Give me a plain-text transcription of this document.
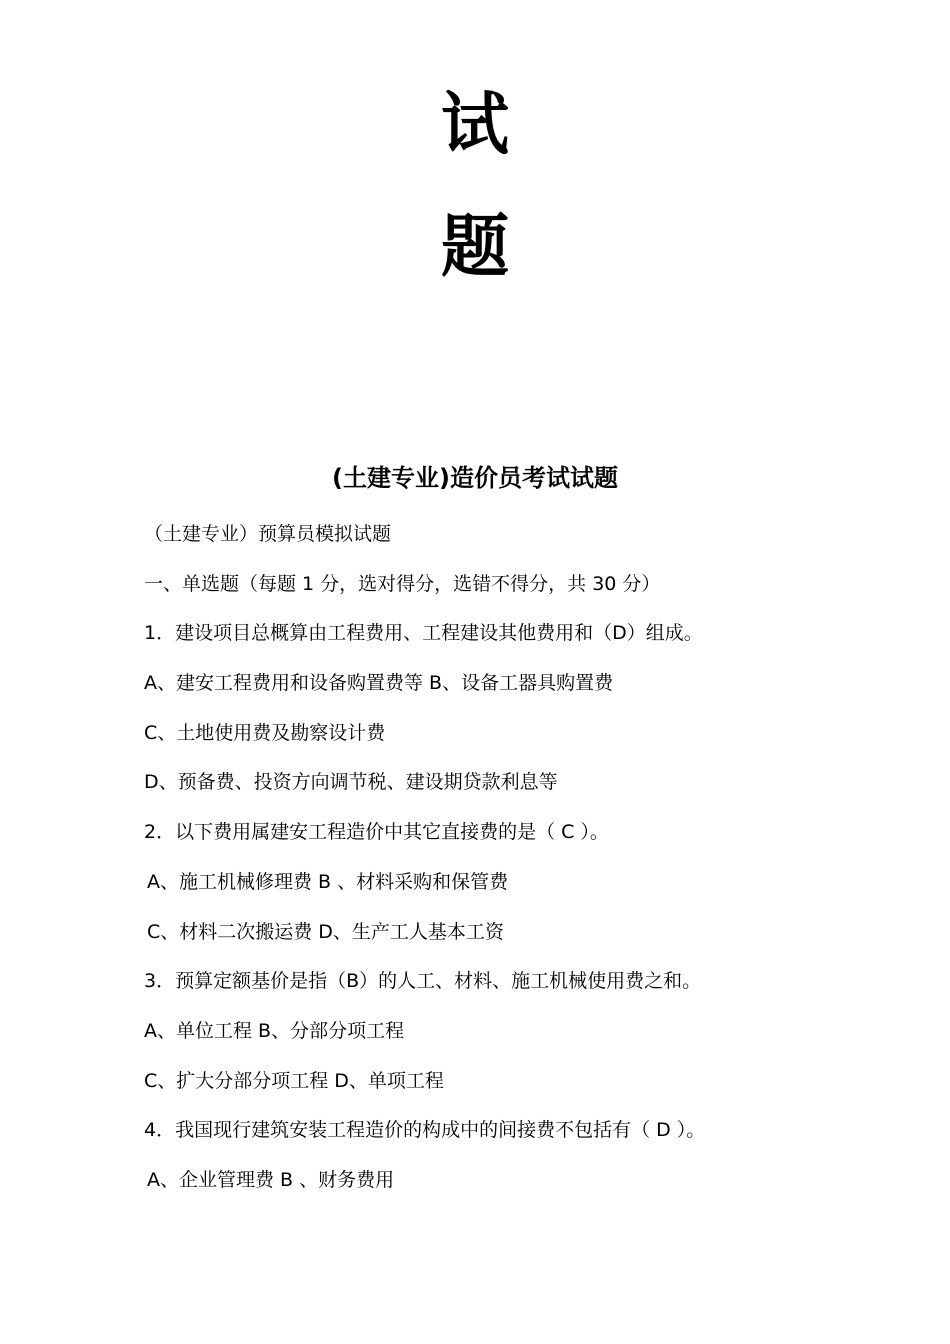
试
题
(土建专业)造价员考试试题
（土建专业）预算员模拟试题
一、单选题（每题 1 分，选对得分，选错不得分，共 30 分）
1．建设项目总概算由工程费用、工程建设其他费用和（D）组成。
A、建安工程费用和设备购置费等 B、设备工器具购置费
C、土地使用费及勘察设计费
D、预备费、投资方向调节税、建设期贷款利息等
2．以下费用属建安工程造价中其它直接费的是（ C ）。
A、施工机械修理费 B 、材料采购和保管费
C、材料二次搬运费 D、生产工人基本工资
3．预算定额基价是指（B）的人工、材料、施工机械使用费之和。
A、单位工程 B、分部分项工程
C、扩大分部分项工程 D、单项工程
4．我国现行建筑安装工程造价的构成中的间接费不包括有（ D ）。
A、企业管理费 B 、财务费用
